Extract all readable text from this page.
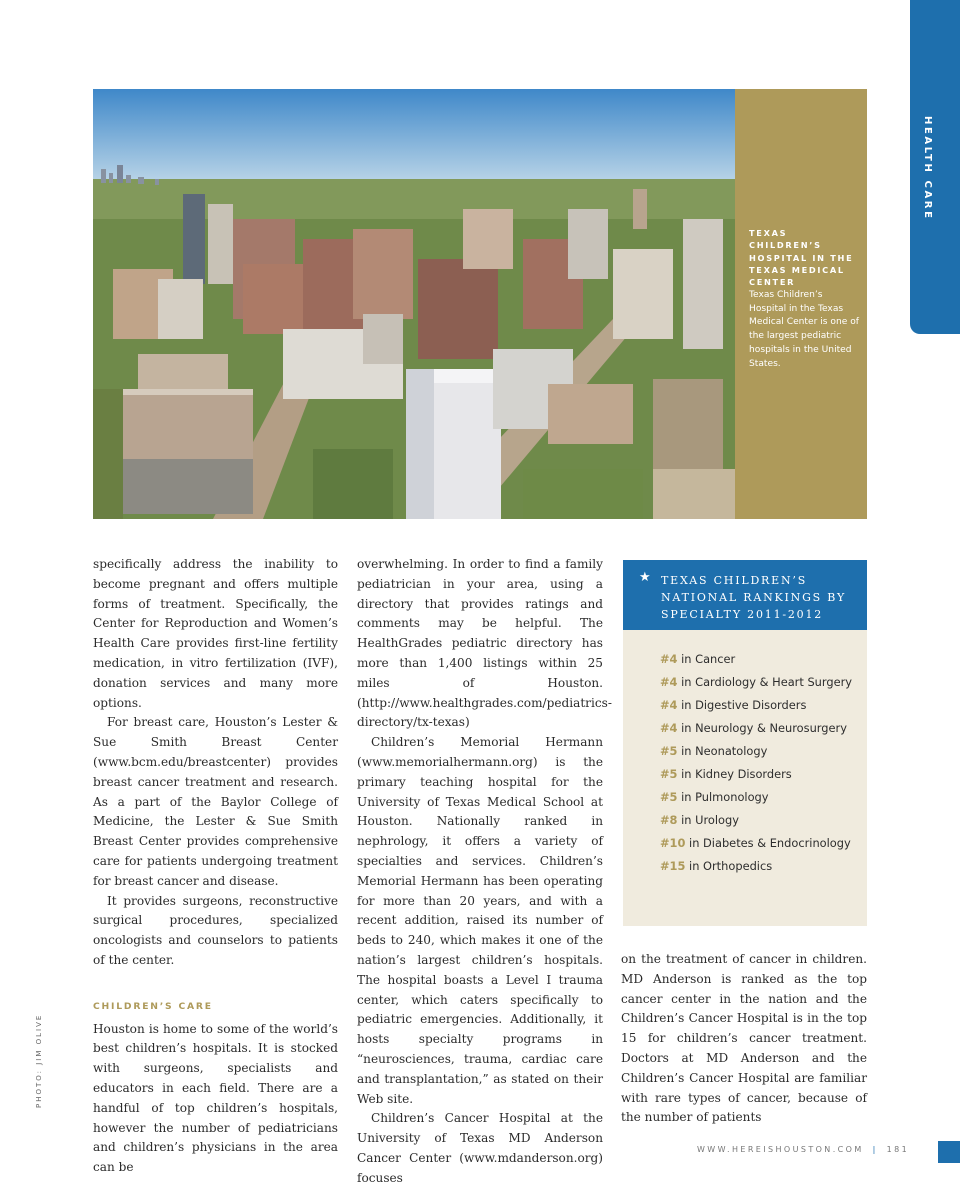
HEALTH CARE
TEXAS CHILDREN’S HOSPITAL IN THE TEXAS MEDICAL CENTER
Texas Children’s Hospital in the Texas Medical Center is one of the largest pediatric hospitals in the United States.
PHOTO: JIM OLIVE

specifically address the inability to become pregnant and offers multiple forms of treatment. Specifically, the Center for Reproduction and Women’s Health Care provides first-line fertility medication, in vitro fertilization (IVF), donation services and many more options.

For breast care, Houston’s Lester & Sue Smith Breast Center (www.bcm.edu/breastcenter) provides breast cancer treatment and research. As a part of the Baylor College of Medicine, the Lester & Sue Smith Breast Center provides comprehensive care for patients undergoing treatment for breast cancer and disease.

It provides surgeons, reconstructive surgical procedures, specialized oncologists and counselors to patients of the center.

CHILDREN’S CARE

Houston is home to some of the world’s best children’s hospitals. It is stocked with surgeons, specialists and educators in each field. There are a handful of top children’s hospitals, however the number of pediatricians and children’s physicians in the area can be

overwhelming. In order to find a family pediatrician in your area, using a directory that provides ratings and comments may be helpful. The HealthGrades pediatric directory has more than 1,400 listings within 25 miles of Houston. (http://www.healthgrades.com/pediatrics-directory/tx-texas)

Children’s Memorial Hermann (www.memorialhermann.org) is the primary teaching hospital for the University of Texas Medical School at Houston. Nationally ranked in nephrology, it offers a variety of specialties and services. Children’s Memorial Hermann has been operating for more than 20 years, and with a recent addition, raised its number of beds to 240, which makes it one of the nation’s largest children’s hospitals. The hospital boasts a Level I trauma center, which caters specifically to pediatric emergencies. Additionally, it hosts specialty programs in “neurosciences, trauma, cardiac care and transplantation,” as stated on their Web site.

Children’s Cancer Hospital at the University of Texas MD Anderson Cancer Center (www.mdanderson.org) focuses

★ TEXAS CHILDREN’S NATIONAL RANKINGS BY SPECIALTY 2011-2012
#4 in Cancer
#4 in Cardiology & Heart Surgery
#4 in Digestive Disorders
#4 in Neurology & Neurosurgery
#5 in Neonatology
#5 in Kidney Disorders
#5 in Pulmonology
#8 in Urology
#10 in Diabetes & Endocrinology
#15 in Orthopedics

on the treatment of cancer in children. MD Anderson is ranked as the top cancer center in the nation and the Children’s Cancer Hospital is in the top 15 for children’s cancer treatment. Doctors at MD Anderson and the Children’s Cancer Hospital are familiar with rare types of cancer, because of the number of patients

WWW.HEREISHOUSTON.COM | 181
